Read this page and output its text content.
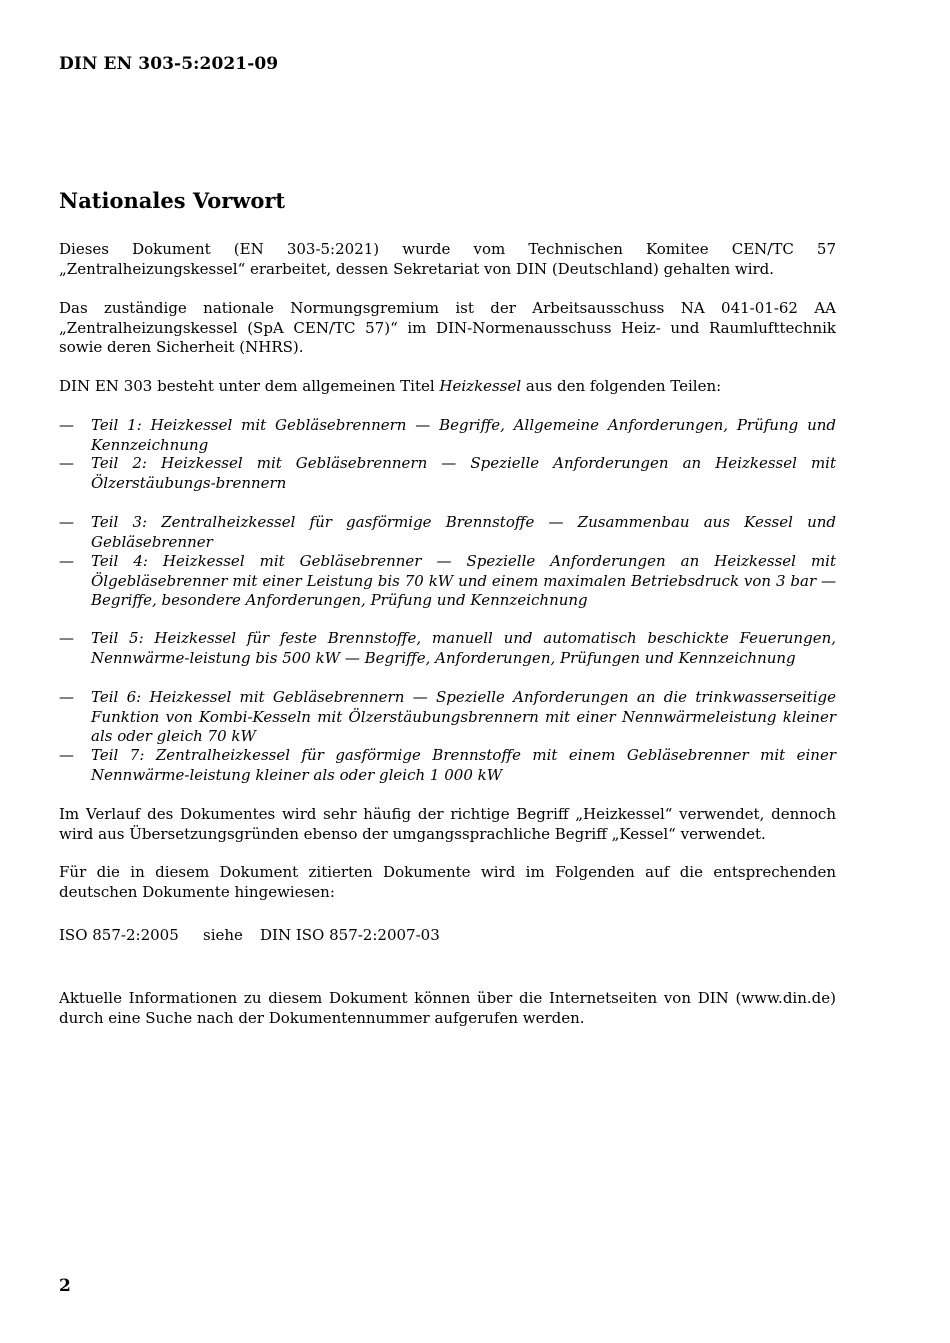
DIN EN 303-5:2021-09
Nationales Vorwort

Dieses Dokument (EN 303-5:2021) wurde vom Technischen Komitee CEN/TC 57 „Zentralheizungskessel“ erarbeitet, dessen Sekretariat von DIN (Deutschland) gehalten wird.

Das zuständige nationale Normungsgremium ist der Arbeitsausschuss NA 041-01-62 AA „Zentralheizungskessel (SpA CEN/TC 57)“ im DIN-Normenausschuss Heiz- und Raumlufttechnik sowie deren Sicherheit (NHRS).

DIN EN 303 besteht unter dem allgemeinen Titel Heizkessel aus den folgenden Teilen:

— Teil 1: Heizkessel mit Gebläsebrennern — Begriffe, Allgemeine Anforderungen, Prüfung und Kennzeichnung
— Teil 2: Heizkessel mit Gebläsebrennern — Spezielle Anforderungen an Heizkessel mit Ölzerstäubungs-brennern
— Teil 3: Zentralheizkessel für gasförmige Brennstoffe — Zusammenbau aus Kessel und Gebläsebrenner
— Teil 4: Heizkessel mit Gebläsebrenner — Spezielle Anforderungen an Heizkessel mit Ölgebläsebrenner mit einer Leistung bis 70 kW und einem maximalen Betriebsdruck von 3 bar — Begriffe, besondere Anforderungen, Prüfung und Kennzeichnung
— Teil 5: Heizkessel für feste Brennstoffe, manuell und automatisch beschickte Feuerungen, Nennwärme-leistung bis 500 kW — Begriffe, Anforderungen, Prüfungen und Kennzeichnung
— Teil 6: Heizkessel mit Gebläsebrennern — Spezielle Anforderungen an die trinkwasserseitige Funktion von Kombi-Kesseln mit Ölzerstäubungsbrennern mit einer Nennwärmeleistung kleiner als oder gleich 70 kW
— Teil 7: Zentralheizkessel für gasförmige Brennstoffe mit einem Gebläsebrenner mit einer Nennwärme-leistung kleiner als oder gleich 1 000 kW

Im Verlauf des Dokumentes wird sehr häufig der richtige Begriff „Heizkessel“ verwendet, dennoch wird aus Übersetzungsgründen ebenso der umgangssprachliche Begriff „Kessel“ verwendet.

Für die in diesem Dokument zitierten Dokumente wird im Folgenden auf die entsprechenden deutschen Dokumente hingewiesen:

ISO 857-2:2005 siehe DIN ISO 857-2:2007-03

Aktuelle Informationen zu diesem Dokument können über die Internetseiten von DIN (www.din.de) durch eine Suche nach der Dokumentennummer aufgerufen werden.

2
